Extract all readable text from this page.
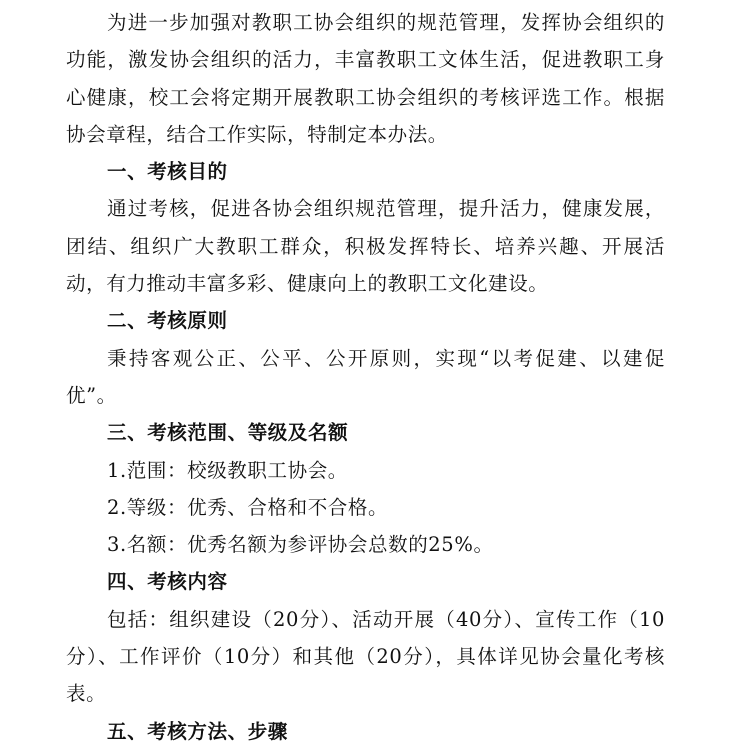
为进一步加强对教职工协会组织的规范管理，发挥协会组织的功能，激发协会组织的活力，丰富教职工文体生活，促进教职工身心健康，校工会将定期开展教职工协会组织的考核评选工作。根据协会章程，结合工作实际，特制定本办法。

一、考核目的

通过考核，促进各协会组织规范管理，提升活力，健康发展，团结、组织广大教职工群众，积极发挥特长、培养兴趣、开展活动，有力推动丰富多彩、健康向上的教职工文化建设。

二、考核原则

秉持客观公正、公平、公开原则，实现“以考促建、以建促优”。

三、考核范围、等级及名额

1.范围：校级教职工协会。

2.等级：优秀、合格和不合格。

3.名额：优秀名额为参评协会总数的25%。

四、考核内容

包括：组织建设（20分）、活动开展（40分）、宣传工作（10分）、工作评价（10分）和其他（20分），具体详见协会量化考核表。

五、考核方法、步骤
